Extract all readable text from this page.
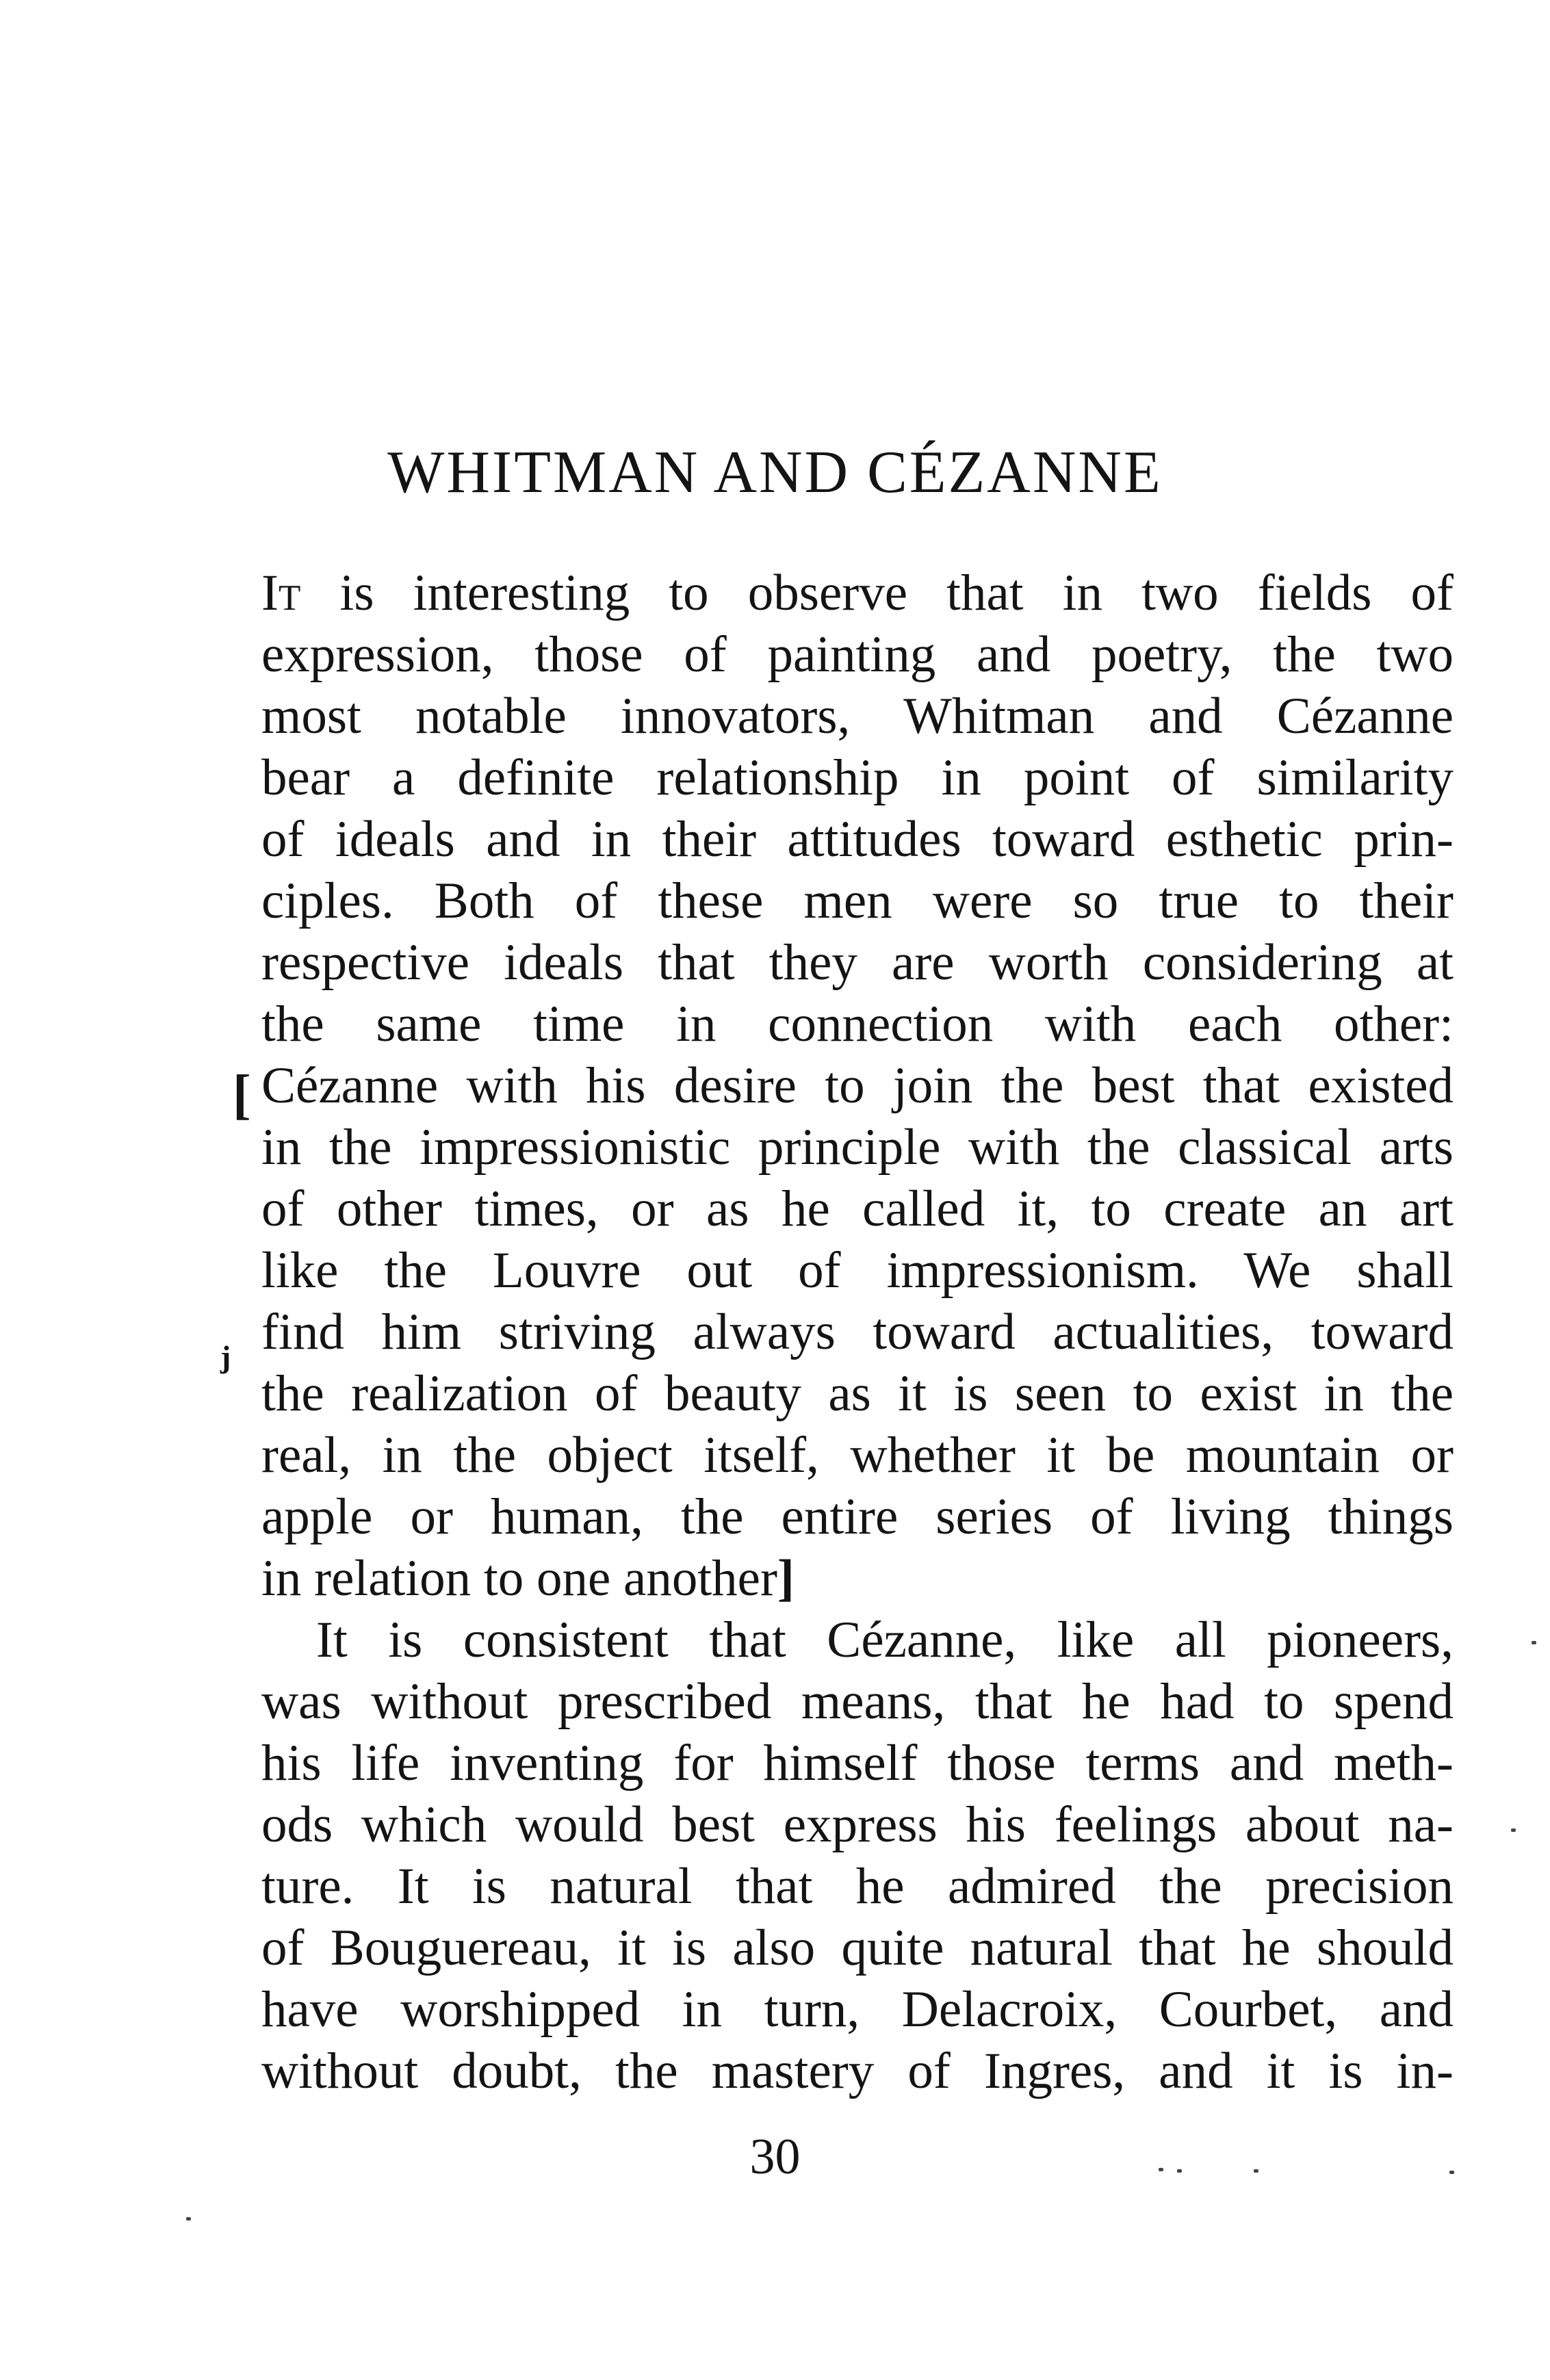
WHITMAN AND CÉZANNE
[
j
It is interesting to observe that in two fields of
expression, those of painting and poetry, the two
most notable innovators, Whitman and Cézanne
bear a definite relationship in point of similarity
of ideals and in their attitudes toward esthetic prin-
ciples. Both of these men were so true to their
respective ideals that they are worth considering at
the same time in connection with each other:
Cézanne with his desire to join the best that existed
in the impressionistic principle with the classical arts
of other times, or as he called it, to create an art
like the Louvre out of impressionism. We shall
find him striving always toward actualities, toward
the realization of beauty as it is seen to exist in the
real, in the object itself, whether it be mountain or
apple or human, the entire series of living things
in relation to one another]
It is consistent that Cézanne, like all pioneers,
was without prescribed means, that he had to spend
his life inventing for himself those terms and meth-
ods which would best express his feelings about na-
ture. It is natural that he admired the precision
of Bouguereau, it is also quite natural that he should
have worshipped in turn, Delacroix, Courbet, and
without doubt, the mastery of Ingres, and it is in-
30
